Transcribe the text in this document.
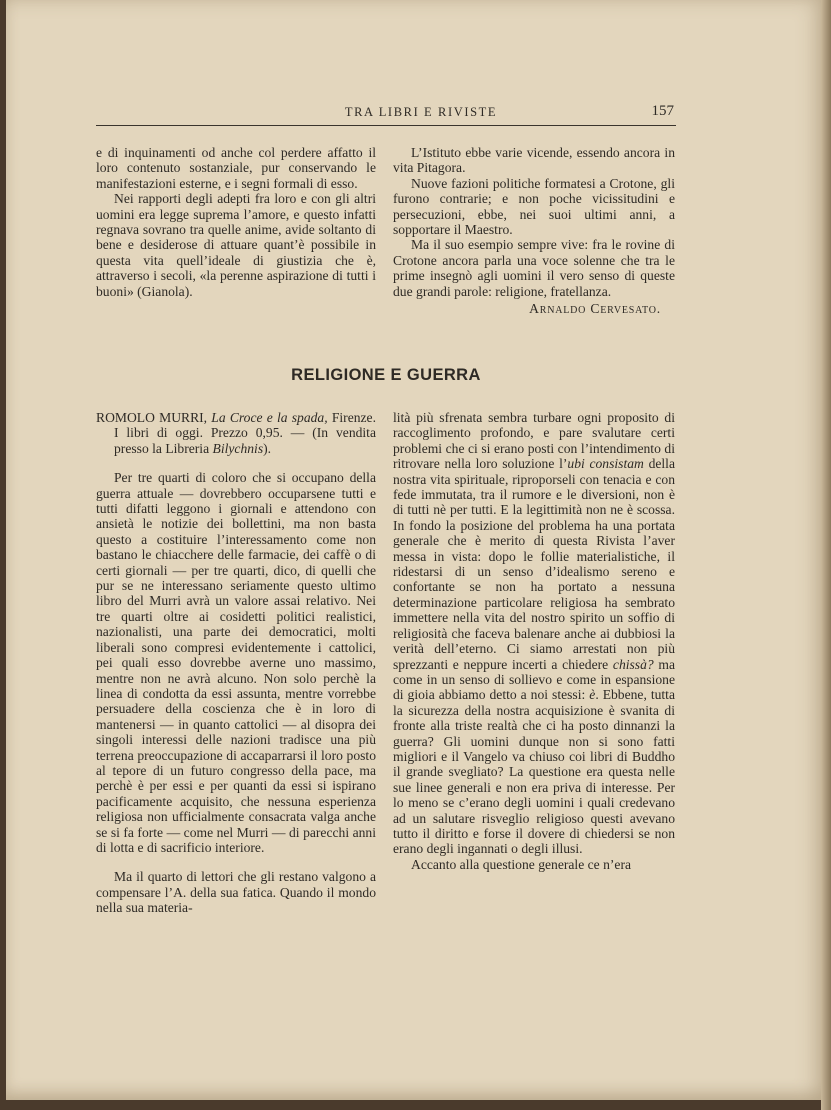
TRA LIBRI E RIVISTE	157

e di inquinamenti od anche col perdere affatto il loro contenuto sostanziale, pur conservando le manifestazioni esterne, e i segni formali di esso.

Nei rapporti degli adepti fra loro e con gli altri uomini era legge suprema l’amore, e questo infatti regnava sovrano tra quelle anime, avide soltanto di bene e desiderose di attuare quant’è possibile in questa vita quell’ideale di giustizia che è, attraverso i secoli, «la perenne aspirazione di tutti i buoni» (Gianola).

L’Istituto ebbe varie vicende, essendo ancora in vita Pitagora.

Nuove fazioni politiche formatesi a Crotone, gli furono contrarie; e non poche vicissitudini e persecuzioni, ebbe, nei suoi ultimi anni, a sopportare il Maestro.

Ma il suo esempio sempre vive: fra le rovine di Crotone ancora parla una voce solenne che tra le prime insegnò agli uomini il vero senso di queste due grandi parole: religione, fratellanza.

Arnaldo Cervesato.
RELIGIONE E GUERRA

ROMOLO MURRI, La Croce e la spada, Firenze. I libri di oggi. Prezzo 0,95. — (In vendita presso la Libreria Bilychnis).

Per tre quarti di coloro che si occupano della guerra attuale — dovrebbero occuparsene tutti e tutti difatti leggono i giornali e attendono con ansietà le notizie dei bollettini, ma non basta questo a costituire l’interessamento come non bastano le chiacchere delle farmacie, dei caffè o di certi giornali — per tre quarti, dico, di quelli che pur se ne interessano seriamente questo ultimo libro del Murri avrà un valore assai relativo. Nei tre quarti oltre ai cosidetti politici realistici, nazionalisti, una parte dei democratici, molti liberali sono compresi evidentemente i cattolici, pei quali esso dovrebbe averne uno massimo, mentre non ne avrà alcuno. Non solo perchè la linea di condotta da essi assunta, mentre vorrebbe persuadere della coscienza che è in loro di mantenersi — in quanto cattolici — al disopra dei singoli interessi delle nazioni tradisce una più terrena preoccupazione di accaparrarsi il loro posto al tepore di un futuro congresso della pace, ma perchè è per essi e per quanti da essi si ispirano pacificamente acquisito, che nessuna esperienza religiosa non ufficialmente consacrata valga anche se si fa forte — come nel Murri — di parecchi anni di lotta e di sacrificio interiore.

Ma il quarto di lettori che gli restano valgono a compensare l’A. della sua fatica. Quando il mondo nella sua materia-

lità più sfrenata sembra turbare ogni proposito di raccoglimento profondo, e pare svalutare certi problemi che ci si erano posti con l’intendimento di ritrovare nella loro soluzione l’ubi consistam della nostra vita spirituale, riproporseli con tenacia e con fede immutata, tra il rumore e le diversioni, non è di tutti nè per tutti. E la legittimità non ne è scossa. In fondo la posizione del problema ha una portata generale che è merito di questa Rivista l’aver messa in vista: dopo le follie materialistiche, il ridestarsi di un senso d’idealismo sereno e confortante se non ha portato a nessuna determinazione particolare religiosa ha sembrato immettere nella vita del nostro spirito un soffio di religiosità che faceva balenare anche ai dubbiosi la verità dell’eterno. Ci siamo arrestati non più sprezzanti e neppure incerti a chiedere chissà? ma come in un senso di sollievo e come in espansione di gioia abbiamo detto a noi stessi: è. Ebbene, tutta la sicurezza della nostra acquisizione è svanita di fronte alla triste realtà che ci ha posto dinnanzi la guerra? Gli uomini dunque non si sono fatti migliori e il Vangelo va chiuso coi libri di Buddho il grande svegliato? La questione era questa nelle sue linee generali e non era priva di interesse. Per lo meno se c’erano degli uomini i quali credevano ad un salutare risveglio religioso questi avevano tutto il diritto e forse il dovere di chiedersi se non erano degli ingannati o degli illusi.

Accanto alla questione generale ce n’era
